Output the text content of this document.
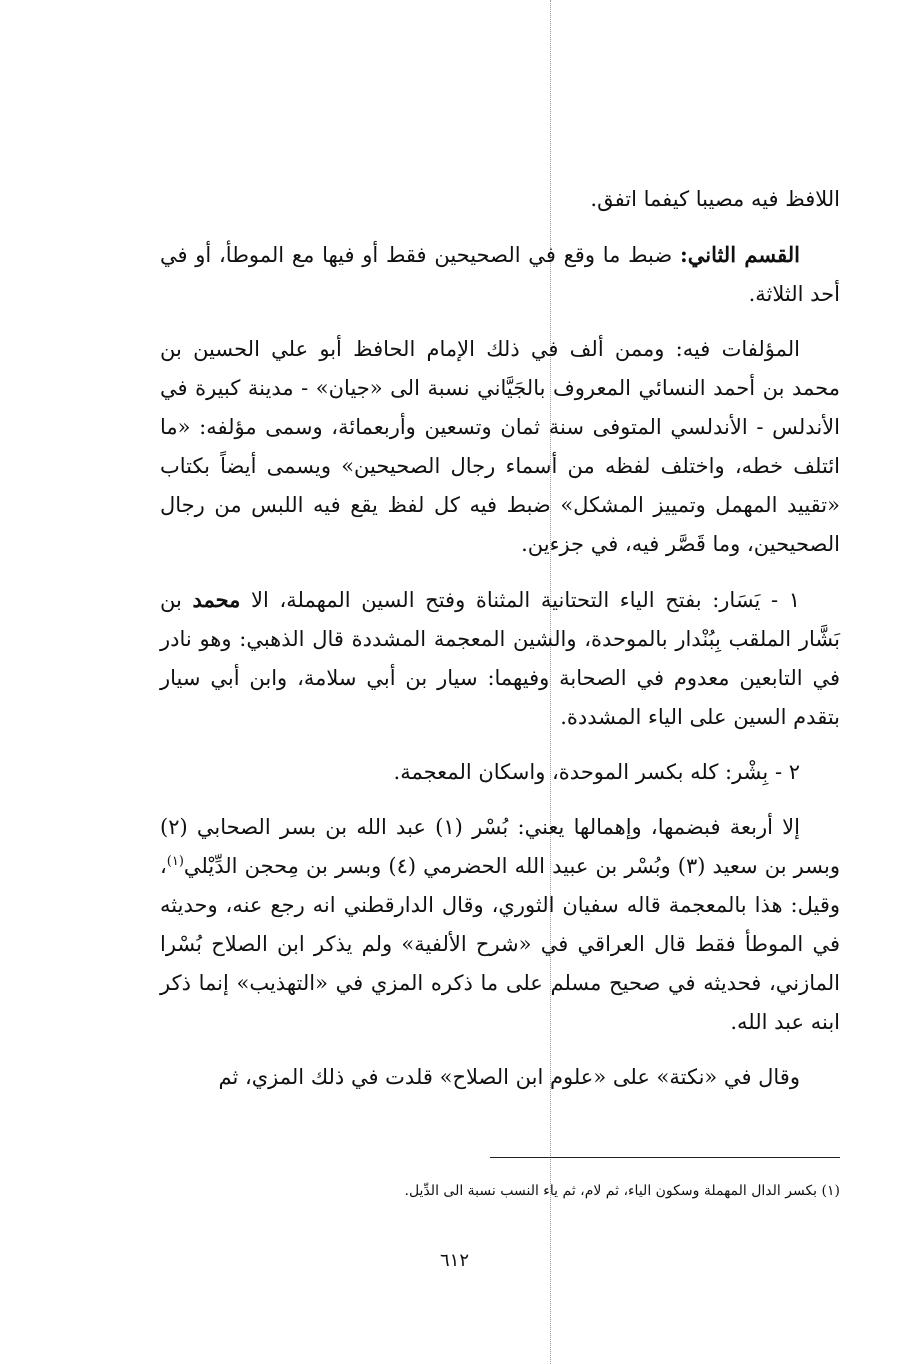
اللافظ فيه مصيبا كيفما اتفق.

القسم الثاني: ضبط ما وقع في الصحيحين فقط أو فيها مع الموطأ، أو في أحد الثلاثة.

المؤلفات فيه: وممن ألف في ذلك الإمام الحافظ أبو علي الحسين بن محمد بن أحمد النسائي المعروف بالجَيَّاني نسبة الى «جيان» - مدينة كبيرة في الأندلس - الأندلسي المتوفى سنة ثمان وتسعين وأربعمائة، وسمى مؤلفه: «ما ائتلف خطه، واختلف لفظه من أسماء رجال الصحيحين» ويسمى أيضاً بكتاب «تقييد المهمل وتمييز المشكل» ضبط فيه كل لفظ يقع فيه اللبس من رجال الصحيحين، وما قَصَّر فيه، في جزءين.

١ - يَسَار: بفتح الياء التحتانية المثناة وفتح السين المهملة، الا محمد بن بَشَّار الملقب بِبُنْدار بالموحدة، والشين المعجمة المشددة قال الذهبي: وهو نادر في التابعين معدوم في الصحابة وفيهما: سيار بن أبي سلامة، وابن أبي سيار بتقدم السين على الياء المشددة.

٢ - بِشْر: كله بكسر الموحدة، واسكان المعجمة.

إلا أربعة فبضمها، وإهمالها يعني: بُسْر (١) عبد الله بن بسر الصحابي (٢) وبسر بن سعيد (٣) وبُسْر بن عبيد الله الحضرمي (٤) وبسر بن مِحجن الدِّيْلي$^{(١)}$، وقيل: هذا بالمعجمة قاله سفيان الثوري، وقال الدارقطني انه رجع عنه، وحديثه في الموطأ فقط قال العراقي في «شرح الألفية» ولم يذكر ابن الصلاح بُسْرا المازني، فحديثه في صحيح مسلم على ما ذكره المزي في «التهذيب» إنما ذكر ابنه عبد الله.

وقال في «نكتة» على «علوم ابن الصلاح» قلدت في ذلك المزي، ثم

(١) بكسر الدال المهملة وسكون الياء، ثم لام، ثم ياء النسب نسبة الى الدِّيل.
٦١٢
